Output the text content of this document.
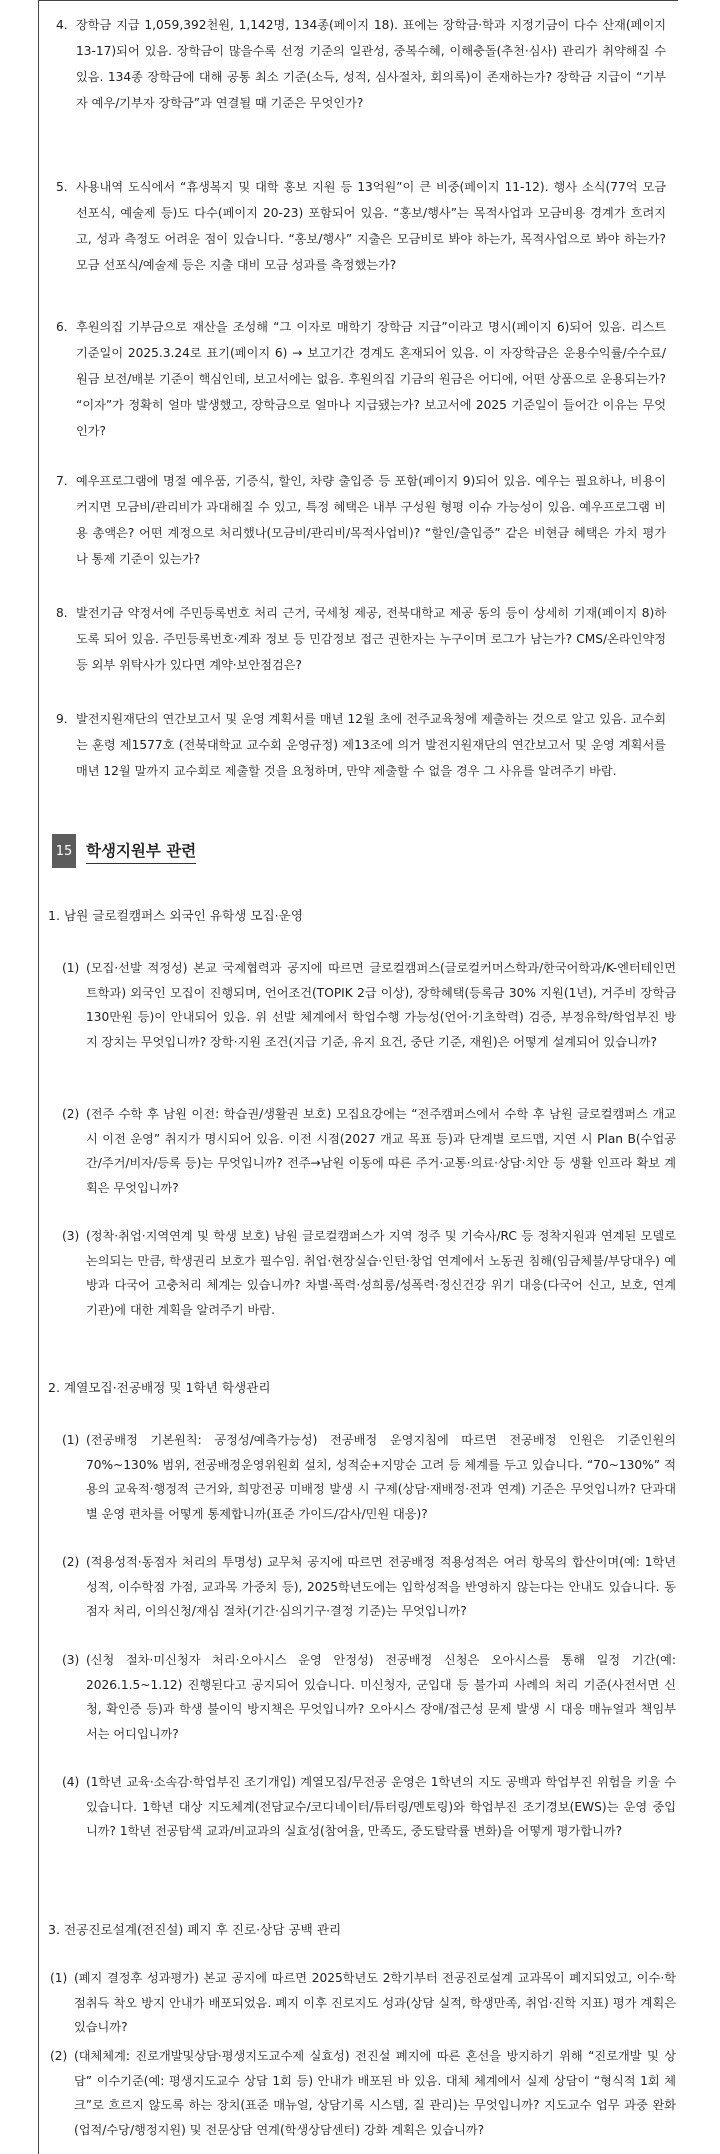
4. 장학금 지급 1,059,392천원, 1,142명, 134종(페이지 18). 표에는 장학금·학과 지정기금이 다수 산재(페이지 13-17)되어 있음. 장학금이 많을수록 선정 기준의 일관성, 중복수혜, 이해충돌(추천·심사) 관리가 취약해질 수 있음. 134종 장학금에 대해 공통 최소 기준(소득, 성적, 심사절차, 회의록)이 존재하는가? 장학금 지급이 “기부자 예우/기부자 장학금”과 연결될 때 기준은 무엇인가?
5. 사용내역 도식에서 “휴생복지 및 대학 홍보 지원 등 13억원”이 큰 비중(페이지 11-12). 행사 소식(77억 모금 선포식, 예술제 등)도 다수(페이지 20-23) 포함되어 있음. “홍보/행사”는 목적사업과 모금비용 경계가 흐려지고, 성과 측정도 어려운 점이 있습니다. “홍보/행사” 지출은 모금비로 봐야 하는가, 목적사업으로 봐야 하는가? 모금 선포식/예술제 등은 지출 대비 모금 성과를 측정했는가?
6. 후원의집 기부금으로 재산을 조성해 “그 이자로 매학기 장학금 지급”이라고 명시(페이지 6)되어 있음. 리스트 기준일이 2025.3.24로 표기(페이지 6) → 보고기간 경계도 혼재되어 있음. 이 자장학금은 운용수익률/수수료/원금 보전/배분 기준이 핵심인데, 보고서에는 없음. 후원의집 기금의 원금은 어디에, 어떤 상품으로 운용되는가? “이자”가 정확히 얼마 발생했고, 장학금으로 얼마나 지급됐는가? 보고서에 2025 기준일이 들어간 이유는 무엇인가?
7. 예우프로그램에 명절 예우품, 기증식, 할인, 차량 출입증 등 포함(페이지 9)되어 있음. 예우는 필요하나, 비용이 커지면 모금비/관리비가 과대해질 수 있고, 특정 혜택은 내부 구성원 형평 이슈 가능성이 있음. 예우프로그램 비용 총액은? 어떤 계정으로 처리했나(모금비/관리비/목적사업비)? “할인/출입증” 같은 비현금 혜택은 가치 평가나 통제 기준이 있는가?
8. 발전기금 약정서에 주민등록번호 처리 근거, 국세청 제공, 전북대학교 제공 동의 등이 상세히 기재(페이지 8)하도록 되어 있음. 주민등록번호·계좌 정보 등 민감정보 접근 권한자는 누구이며 로그가 남는가? CMS/온라인약정 등 외부 위탁사가 있다면 계약·보안점검은?
9. 발전지원재단의 연간보고서 및 운영 계획서를 매년 12월 초에 전주교육청에 제출하는 것으로 알고 있음. 교수회는 훈령 제1577호 (전북대학교 교수회 운영규정) 제13조에 의거 발전지원재단의 연간보고서 및 운영 계획서를 매년 12월 말까지 교수회로 제출할 것을 요청하며, 만약 제출할 수 없을 경우 그 사유를 알려주기 바람.
15 학생지원부 관련
1. 남원 글로컬캠퍼스 외국인 유학생 모집·운영
(1) (모집·선발 적정성) 본교 국제협력과 공지에 따르면 글로컬캠퍼스(글로컬커머스학과/한국어학과/K-엔터테인먼트학과) 외국인 모집이 진행되며, 언어조건(TOPIK 2급 이상), 장학혜택(등록금 30% 지원(1년), 거주비 장학금 130만원 등)이 안내되어 있음. 위 선발 체계에서 학업수행 가능성(언어·기초학력) 검증, 부정유학/학업부진 방지 장치는 무엇입니까? 장학·지원 조건(지급 기준, 유지 요건, 중단 기준, 재원)은 어떻게 설계되어 있습니까?
(2) (전주 수학 후 남원 이전: 학습권/생활권 보호) 모집요강에는 “전주캠퍼스에서 수학 후 남원 글로컬캠퍼스 개교 시 이전 운영” 취지가 명시되어 있음. 이전 시점(2027 개교 목표 등)과 단계별 로드맵, 지연 시 Plan B(수업공간/주거/비자/등록 등)는 무엇입니까? 전주→남원 이동에 따른 주거·교통·의료·상담·치안 등 생활 인프라 확보 계획은 무엇입니까?
(3) (정착·취업·지역연계 및 학생 보호) 남원 글로컬캠퍼스가 지역 정주 및 기숙사/RC 등 정착지원과 연계된 모델로 논의되는 만큼, 학생권리 보호가 필수임. 취업·현장실습·인턴·창업 연계에서 노동권 침해(임금체불/부당대우) 예방과 다국어 고충처리 체계는 있습니까? 차별·폭력·성희롱/성폭력·정신건강 위기 대응(다국어 신고, 보호, 연계기관)에 대한 계획을 알려주기 바람.
2. 계열모집·전공배정 및 1학년 학생관리
(1) (전공배정 기본원칙: 공정성/예측가능성) 전공배정 운영지침에 따르면 전공배정 인원은 기준인원의 70%~130% 범위, 전공배정운영위원회 설치, 성적순+지망순 고려 등 체계를 두고 있습니다. “70~130%” 적용의 교육적·행정적 근거와, 희망전공 미배정 발생 시 구제(상담·재배정·전과 연계) 기준은 무엇입니까? 단과대별 운영 편차를 어떻게 통제합니까(표준 가이드/감사/민원 대응)?
(2) (적용성적·동점자 처리의 투명성) 교무처 공지에 따르면 전공배정 적용성적은 여러 항목의 합산이며(예: 1학년 성적, 이수학점 가점, 교과목 가중치 등), 2025학년도에는 입학성적을 반영하지 않는다는 안내도 있습니다. 동점자 처리, 이의신청/재심 절차(기간·심의기구·결정 기준)는 무엇입니까?
(3) (신청 절차·미신청자 처리·오아시스 운영 안정성) 전공배정 신청은 오아시스를 통해 일정 기간(예: 2026.1.5~1.12) 진행된다고 공지되어 있습니다. 미신청자, 군입대 등 불가피 사례의 처리 기준(사전서면 신청, 확인증 등)과 학생 불이익 방지책은 무엇입니까? 오아시스 장애/접근성 문제 발생 시 대응 매뉴얼과 책임부서는 어디입니까?
(4) (1학년 교육·소속감·학업부진 조기개입) 계열모집/무전공 운영은 1학년의 지도 공백과 학업부진 위험을 키울 수 있습니다. 1학년 대상 지도체계(전담교수/코디네이터/튜터링/멘토링)와 학업부진 조기경보(EWS)는 운영 중입니까? 1학년 전공탐색 교과/비교과의 실효성(참여율, 만족도, 중도탈락률 변화)을 어떻게 평가합니까?
3. 전공진로설계(전진설) 폐지 후 진로·상담 공백 관리
(1) (폐지 결정후 성과평가) 본교 공지에 따르면 2025학년도 2학기부터 전공진로설계 교과목이 폐지되었고, 이수·학점취득 착오 방지 안내가 배포되었음. 폐지 이후 진로지도 성과(상담 실적, 학생만족, 취업·진학 지표) 평가 계획은 있습니까?
(2) (대체체계: 진로개발및상담·평생지도교수제 실효성) 전진설 폐지에 따른 혼선을 방지하기 위해 “진로개발 및 상담” 이수기준(예: 평생지도교수 상담 1회 등) 안내가 배포된 바 있음. 대체 체계에서 실제 상담이 “형식적 1회 체크”로 흐르지 않도록 하는 장치(표준 매뉴얼, 상담기록 시스템, 질 관리)는 무엇입니까? 지도교수 업무 과중 완화(업적/수당/행정지원) 및 전문상담 연계(학생상담센터) 강화 계획은 있습니까?
